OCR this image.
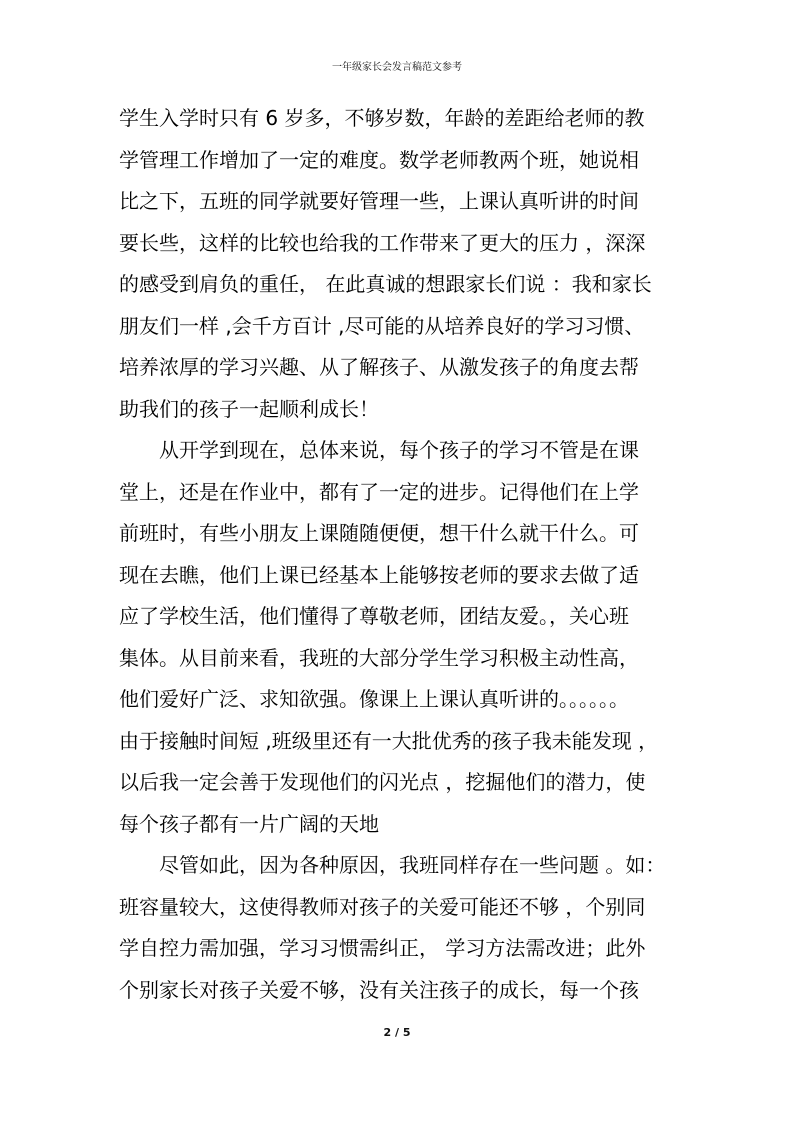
一年级家长会发言稿范文参考
学生入学时只有 6 岁多，不够岁数，年龄的差距给老师的教
学管理工作增加了一定的难度。数学老师教两个班，她说相
比之下，五班的同学就要好管理一些，上课认真听讲的时间
要长些，这样的比较也给我的工作带来了更大的压力 ，深深
的感受到肩负的重任， 在此真诚的想跟家长们说 ：我和家长
朋友们一样 ,会千方百计 ,尽可能的从培养良好的学习习惯、
培养浓厚的学习兴趣、从了解孩子、从激发孩子的角度去帮
助我们的孩子一起顺利成长！
　　从开学到现在，总体来说，每个孩子的学习不管是在课
堂上，还是在作业中，都有了一定的进步。记得他们在上学
前班时，有些小朋友上课随随便便，想干什么就干什么。可
现在去瞧，他们上课已经基本上能够按老师的要求去做了适
应了学校生活，他们懂得了尊敬老师，团结友爱。，关心班
集体。从目前来看，我班的大部分学生学习积极主动性高，
他们爱好广泛、求知欲强。像课上上课认真听讲的。。。。。。
由于接触时间短 ,班级里还有一大批优秀的孩子我未能发现 ，
以后我一定会善于发现他们的闪光点 ，挖掘他们的潜力，使
每个孩子都有一片广阔的天地
　　尽管如此，因为各种原因，我班同样存在一些问题 。如：
班容量较大，这使得教师对孩子的关爱可能还不够 ，个别同
学自控力需加强，学习习惯需纠正， 学习方法需改进；此外
个别家长对孩子关爱不够，没有关注孩子的成长，每一个孩
2 / 5
